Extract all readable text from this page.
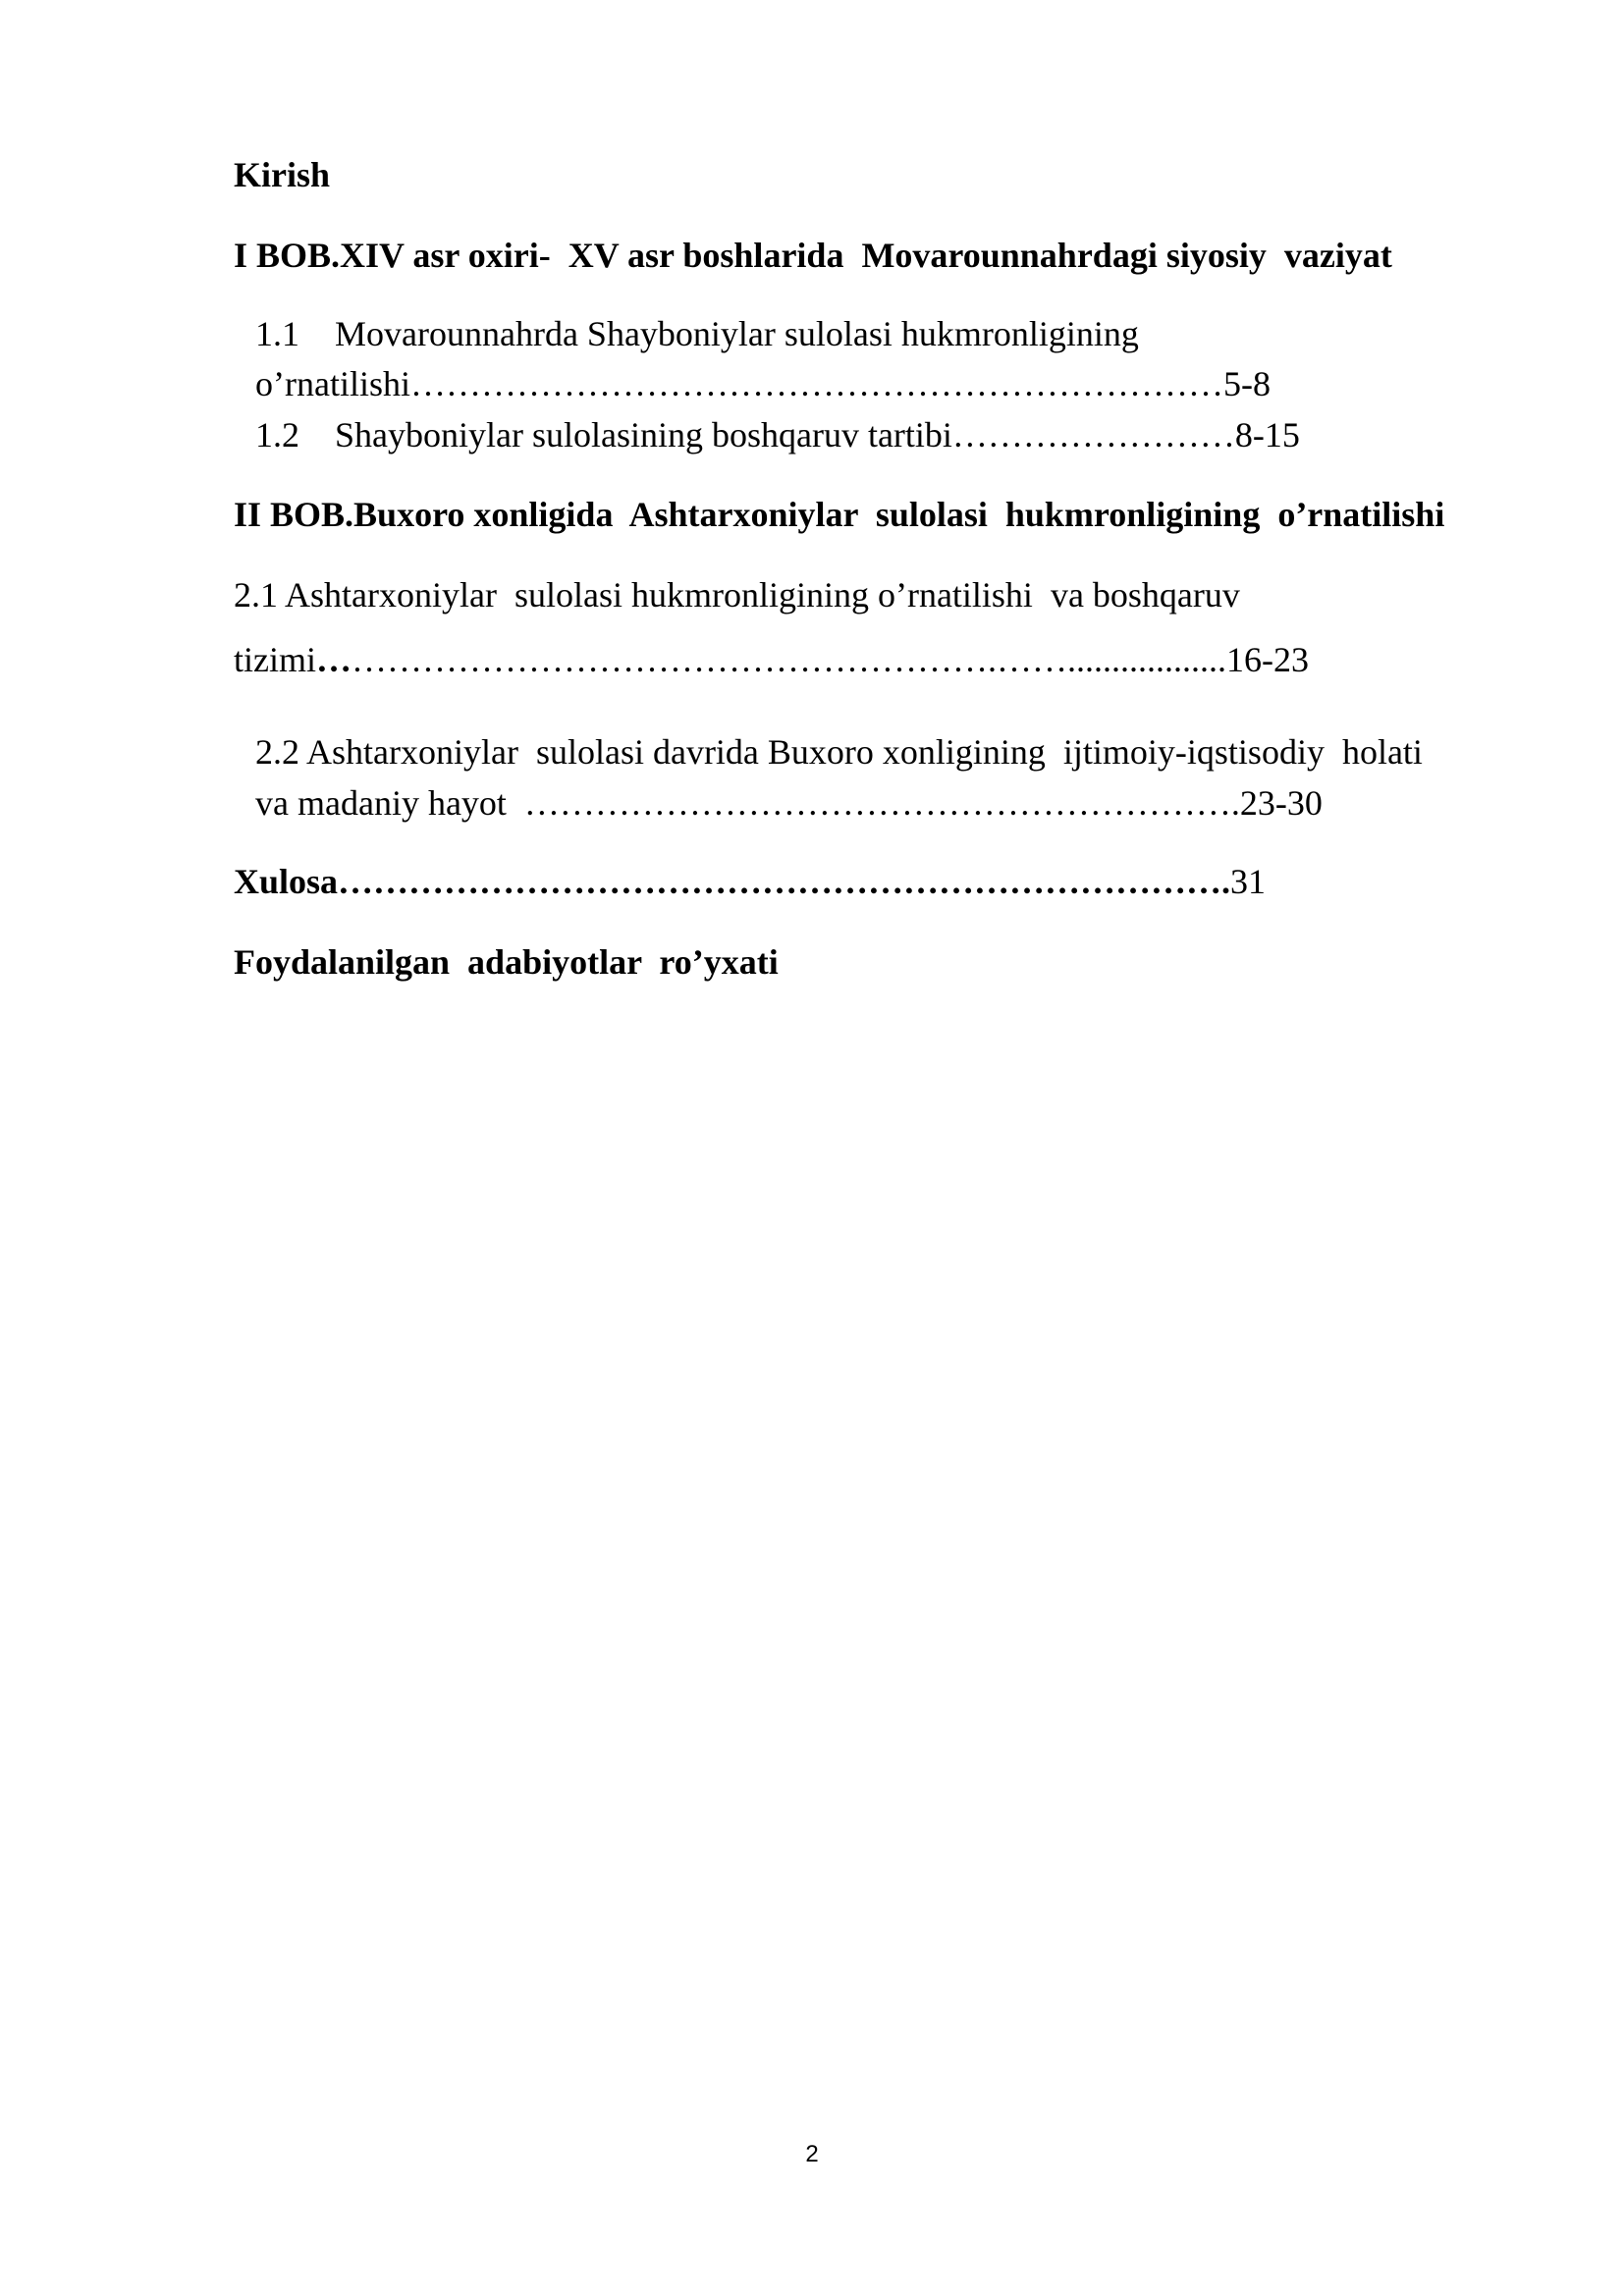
Kirish
I BOB.XIV asr oxiri-  XV asr boshlarida  Movarounnahrdagi siyosiy  vaziyat
1.1    Movarounnahrda Shayboniylar sulolasi hukmronligining
o’rnatilishi……………………………………………………………5-8
1.2    Shayboniylar sulolasining boshqaruv tartibi……………………8-15
II BOB.Buxoro xonligida  Ashtarxoniylar  sulolasi  hukmronligining  o’rnatilishi
2.1 Ashtarxoniylar  sulolasi hukmronligining o’rnatilishi  va boshqaruv
tizimi………………………………………………….……..................16-23
2.2 Ashtarxoniylar  sulolasi davrida Buxoro xonligining  ijtimoiy-iqstisodiy  holati
va madaniy hayot  …………………………………………………….23-30
Xulosa………………………………………………………………….31
Foydalanilgan  adabiyotlar  ro’yxati
2
